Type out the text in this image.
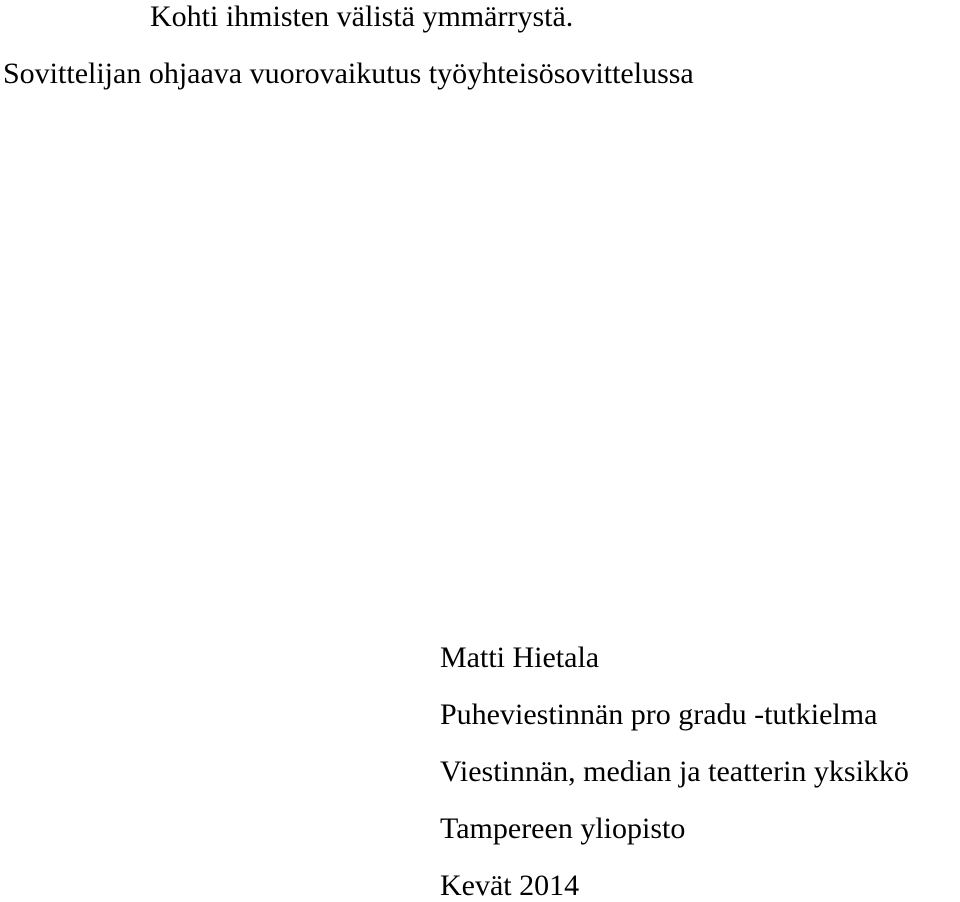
Kohti ihmisten välistä ymmärrystä.
Sovittelijan ohjaava vuorovaikutus työyhteisösovittelussa
Matti Hietala
Puheviestinnän pro gradu -tutkielma
Viestinnän, median ja teatterin yksikkö
Tampereen yliopisto
Kevät 2014
